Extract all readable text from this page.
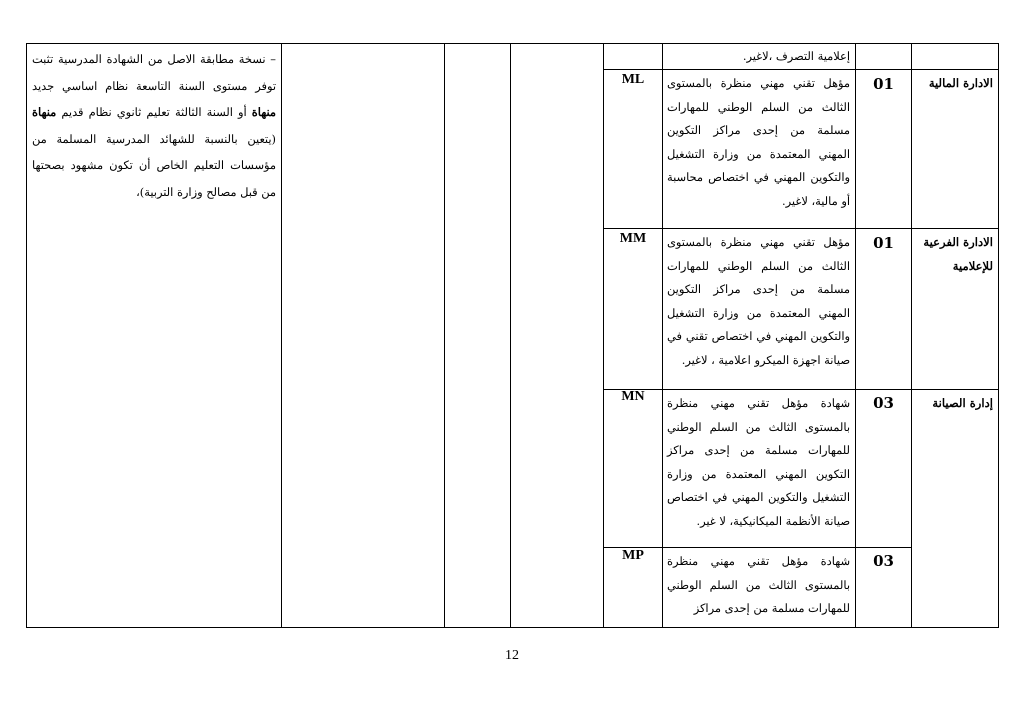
إعلامية التصرف ،لاغير.
الادارة المالية
01
مؤهل تقني مهني منظرة بالمستوى الثالث من السلم الوطني للمهارات مسلمة من إحدى مراكز التكوين المهني المعتمدة من وزارة التشغيل والتكوين المهني في اختصاص محاسبة أو مالية، لاغير.
ML
الادارة الفرعية للإعلامية
01
مؤهل تقني مهني منظرة بالمستوى الثالث من السلم الوطني للمهارات مسلمة من إحدى مراكز التكوين المهني المعتمدة من وزارة التشغيل والتكوين المهني في اختصاص تقني في صيانة اجهزة الميكرو اعلامية ، لاغير.
MM
إدارة الصيانة
03
شهادة مؤهل تقني مهني منظرة بالمستوى الثالث من السلم الوطني للمهارات مسلمة من إحدى مراكز التكوين المهني المعتمدة من وزارة التشغيل والتكوين المهني في اختصاص صيانة الأنظمة الميكانيكية، لا غير.
MN
03
شهادة مؤهل تقني مهني منظرة بالمستوى الثالث من السلم الوطني للمهارات مسلمة من إحدى مراكز
MP
– نسخة مطابقة الاصل من الشهادة المدرسية تثبت توفر مستوى السنة التاسعة نظام اساسي جديد منهاة أو السنة الثالثة تعليم ثانوي نظام قديم منهاة (يتعين بالنسبة للشهائد المدرسية المسلمة من مؤسسات التعليم الخاص أن تكون مشهود بصحتها من قبل مصالح وزارة التربية)،
12
